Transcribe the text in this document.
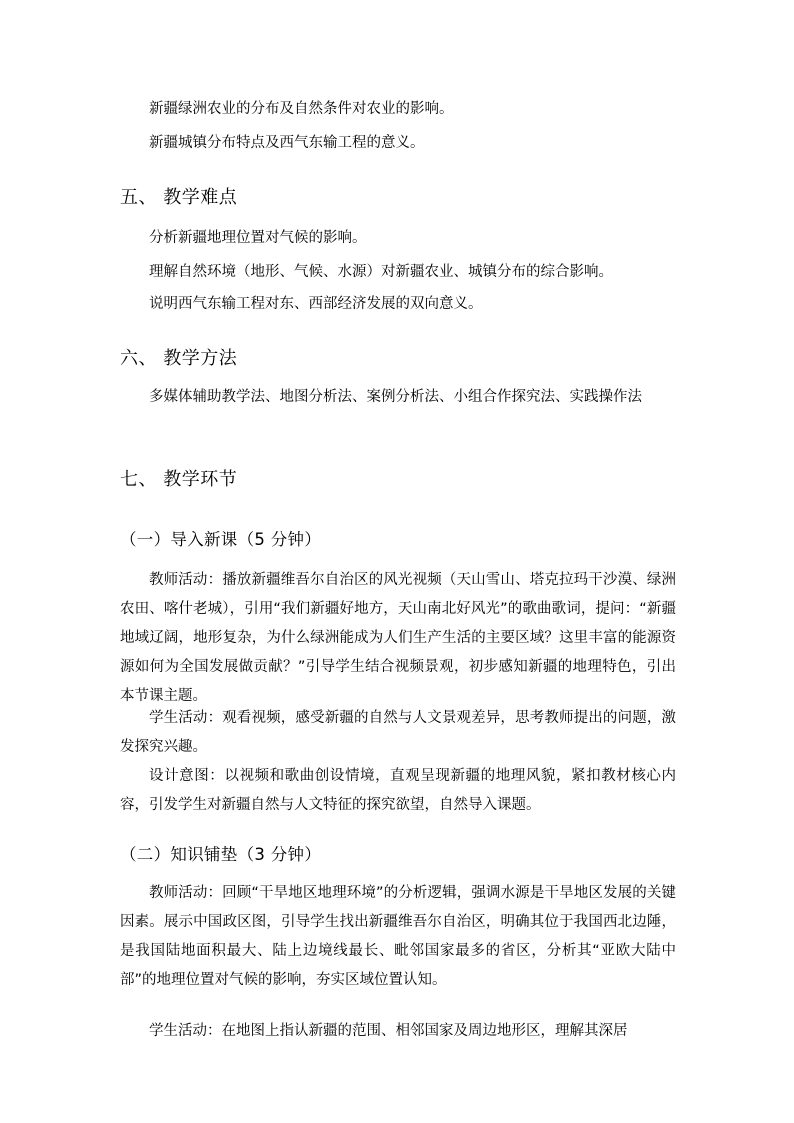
新疆绿洲农业的分布及自然条件对农业的影响。

新疆城镇分布特点及西气东输工程的意义。

五、 教学难点

分析新疆地理位置对气候的影响。

理解自然环境（地形、气候、水源）对新疆农业、城镇分布的综合影响。

说明西气东输工程对东、西部经济发展的双向意义。

六、 教学方法

多媒体辅助教学法、地图分析法、案例分析法、小组合作探究法、实践操作法

七、 教学环节
（一）导入新课（5 分钟）

教师活动：播放新疆维吾尔自治区的风光视频（天山雪山、塔克拉玛干沙漠、绿洲农田、喀什老城），引用“我们新疆好地方，天山南北好风光”的歌曲歌词，提问：“新疆地域辽阔，地形复杂，为什么绿洲能成为人们生产生活的主要区域？这里丰富的能源资源如何为全国发展做贡献？”引导学生结合视频景观，初步感知新疆的地理特色，引出本节课主题。

学生活动：观看视频，感受新疆的自然与人文景观差异，思考教师提出的问题，激发探究兴趣。

设计意图：以视频和歌曲创设情境，直观呈现新疆的地理风貌，紧扣教材核心内容，引发学生对新疆自然与人文特征的探究欲望，自然导入课题。

（二）知识铺垫（3 分钟）

教师活动：回顾“干旱地区地理环境”的分析逻辑，强调水源是干旱地区发展的关键因素。展示中国政区图，引导学生找出新疆维吾尔自治区，明确其位于我国西北边陲，是我国陆地面积最大、陆上边境线最长、毗邻国家最多的省区，分析其“亚欧大陆中部”的地理位置对气候的影响，夯实区域位置认知。

学生活动：在地图上指认新疆的范围、相邻国家及周边地形区，理解其深居
